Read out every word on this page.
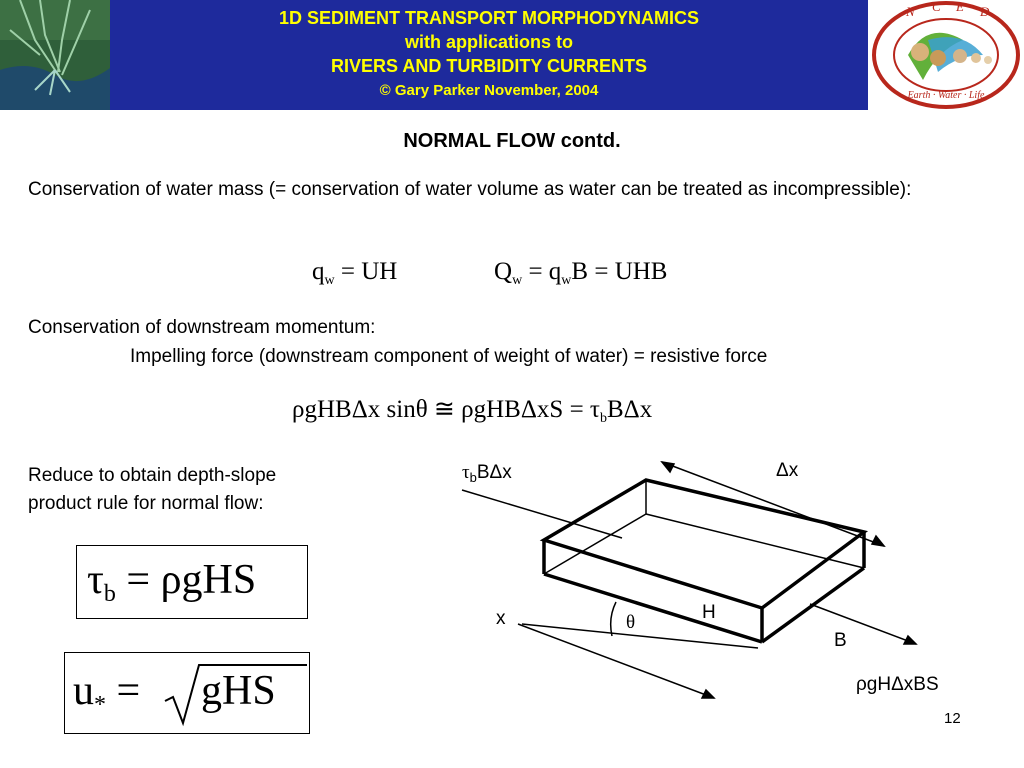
1D SEDIMENT TRANSPORT MORPHODYNAMICS
with applications to
RIVERS AND TURBIDITY CURRENTS
© Gary Parker November, 2004
N C E D
Earth · Water · Life
NORMAL FLOW contd.
Conservation of water mass (= conservation of water volume as water can be treated as incompressible):
$q_w$ = UH	$Q_w = q_wB$ = UHB
Conservation of downstream momentum:
Impelling force (downstream component of weight of water) = resistive force
ρgHBΔx sinθ ≅ $\rho gHB\Delta xS = \tau_bB\Delta x$
Reduce to obtain depth-slope
product rule for normal flow:
τb = ρgHS
u* = gHS
$\tau_bB\Delta x$	Δx
x	θ	H
B
ρgHΔxBS
12
